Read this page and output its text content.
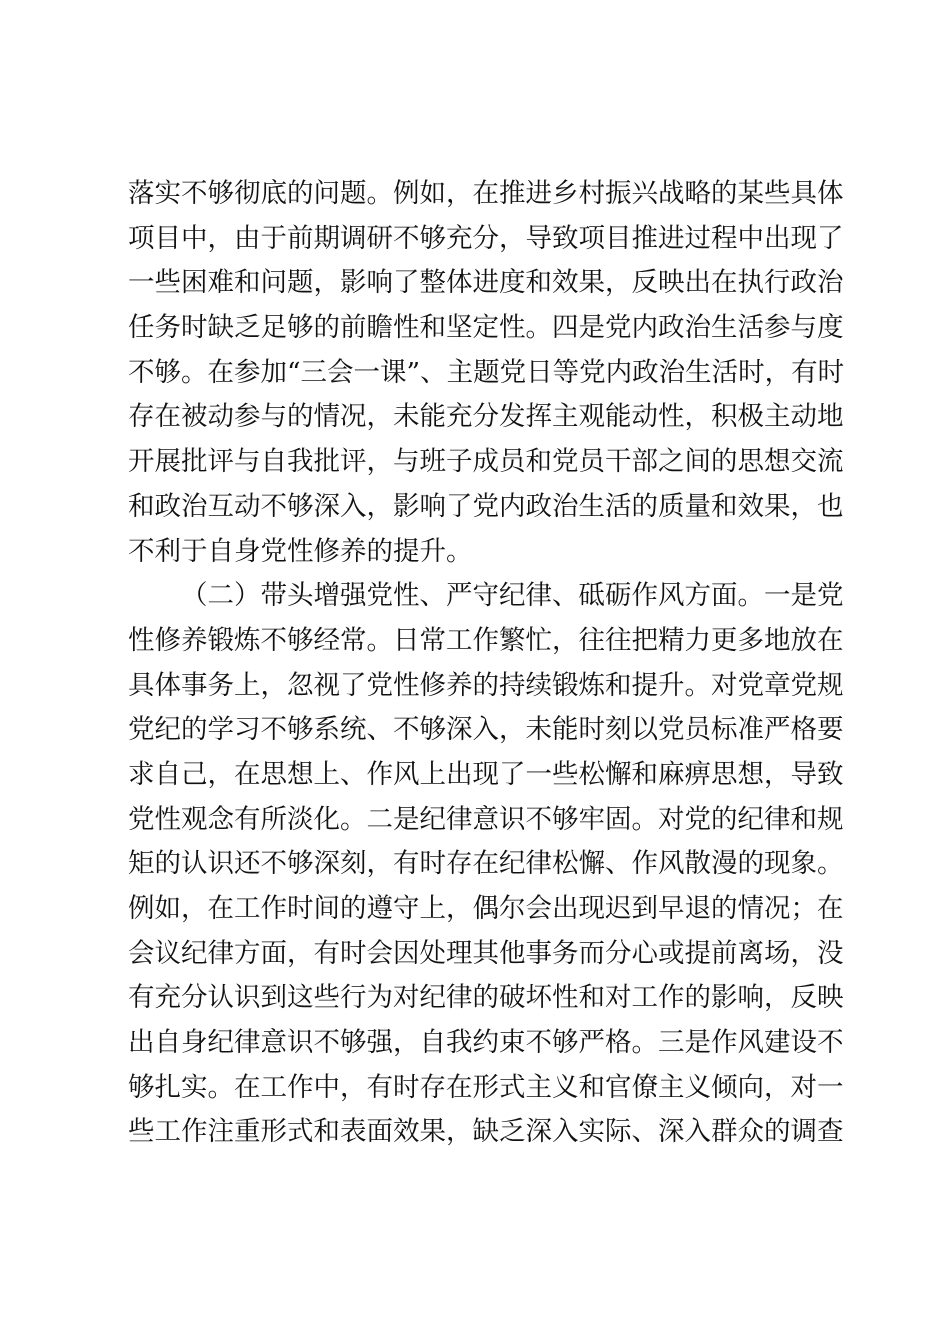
落实不够彻底的问题。例如，在推进乡村振兴战略的某些具体
项目中，由于前期调研不够充分，导致项目推进过程中出现了
一些困难和问题，影响了整体进度和效果，反映出在执行政治
任务时缺乏足够的前瞻性和坚定性。四是党内政治生活参与度
不够。在参加“三会一课”、主题党日等党内政治生活时，有时
存在被动参与的情况，未能充分发挥主观能动性，积极主动地
开展批评与自我批评，与班子成员和党员干部之间的思想交流
和政治互动不够深入，影响了党内政治生活的质量和效果，也
不利于自身党性修养的提升。
（二）带头增强党性、严守纪律、砥砺作风方面。一是党
性修养锻炼不够经常。日常工作繁忙，往往把精力更多地放在
具体事务上，忽视了党性修养的持续锻炼和提升。对党章党规
党纪的学习不够系统、不够深入，未能时刻以党员标准严格要
求自己，在思想上、作风上出现了一些松懈和麻痹思想，导致
党性观念有所淡化。二是纪律意识不够牢固。对党的纪律和规
矩的认识还不够深刻，有时存在纪律松懈、作风散漫的现象。
例如，在工作时间的遵守上，偶尔会出现迟到早退的情况；在
会议纪律方面，有时会因处理其他事务而分心或提前离场，没
有充分认识到这些行为对纪律的破坏性和对工作的影响，反映
出自身纪律意识不够强，自我约束不够严格。三是作风建设不
够扎实。在工作中，有时存在形式主义和官僚主义倾向，对一
些工作注重形式和表面效果，缺乏深入实际、深入群众的调查
